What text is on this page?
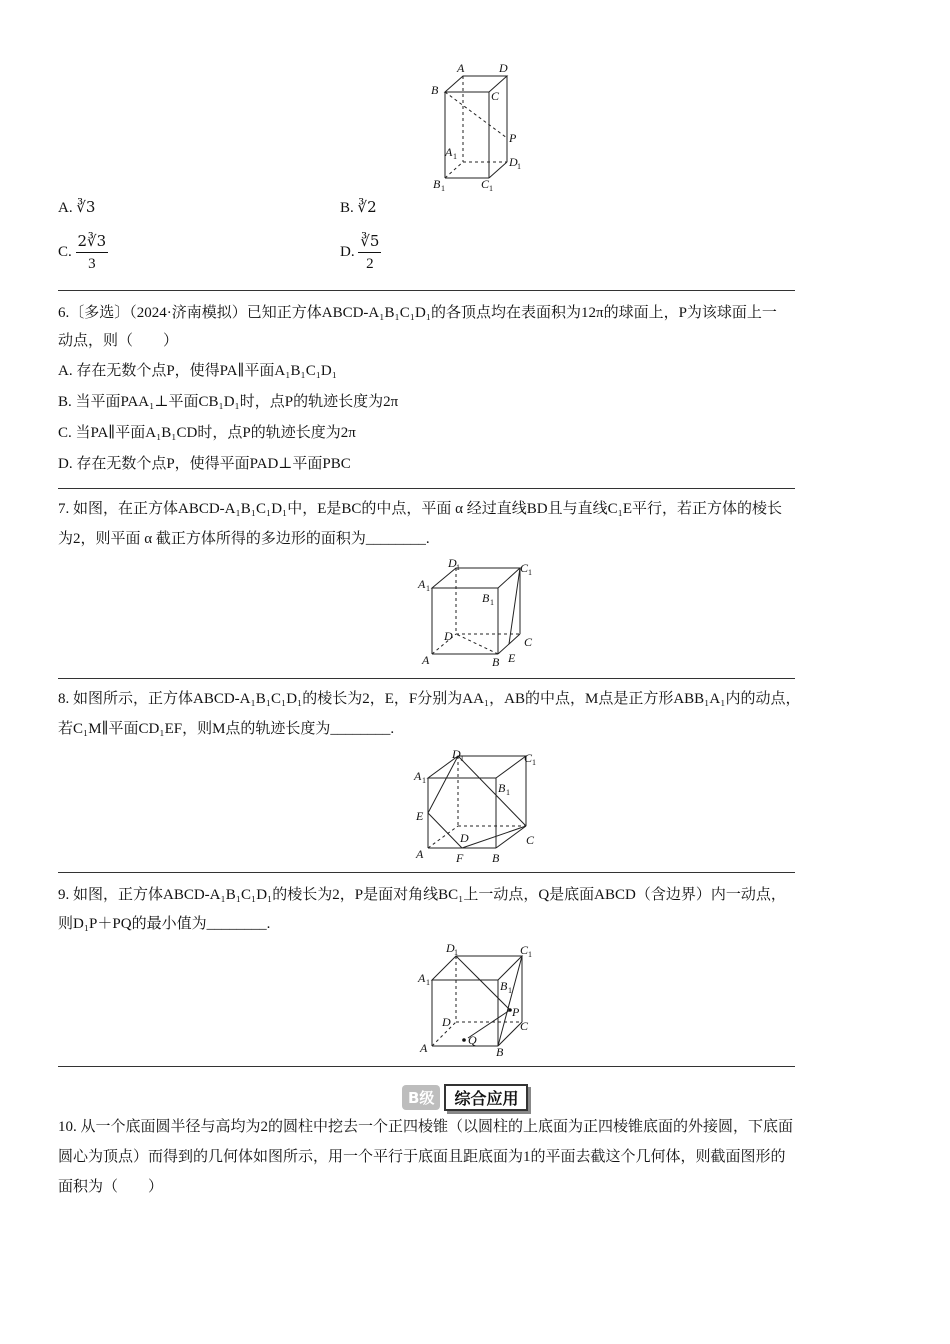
A	D
B	C
P
A 1	D 1
B 1	C 1
A. ∛3	B. ∛2
C. $\frac{2∛3}{3}$	D. $\frac{∛5}{2}$
6.〔多选〕（2024·济南模拟）已知正方体ABCD-A₁B₁C₁D₁的各顶点均在表面积为12π的球面上，P为该球面上一
动点，则（　　）
A. 存在无数个点P，使得PA∥平面A₁B₁C₁D₁
B. 当平面PAA₁⊥平面CB₁D₁时，点P的轨迹长度为2π
C. 当PA∥平面A₁B₁CD时，点P的轨迹长度为2π
D. 存在无数个点P，使得平面PAD⊥平面PBC
7. 如图，在正方体ABCD-A₁B₁C₁D₁中，E是BC的中点，平面 α 经过直线BD且与直线C₁E平行，若正方体的棱长
为2，则平面 α 截正方体所得的多边形的面积为________.
A 1
D 1	C 1
B 1
D	C
A	B E
8. 如图所示，正方体ABCD-A₁B₁C₁D₁的棱长为2，E，F分别为AA₁，AB的中点，M点是正方形ABB₁A₁内的动点，
若C₁M∥平面CD₁EF，则M点的轨迹长度为________.
A 1
D 1	C 1
B 1
E
D	C
A	F B
9. 如图，正方体ABCD-A₁B₁C₁D₁的棱长为2，P是面对角线BC₁上一动点，Q是底面ABCD（含边界）内一动点，
则D₁P＋PQ的最小值为________.
A 1
D 1	C 1
B 1
P
C
D
Q
A	B
B级	综合应用
10. 从一个底面圆半径与高均为2的圆柱中挖去一个正四棱锥（以圆柱的上底面为正四棱锥底面的外接圆，下底面
圆心为顶点）而得到的几何体如图所示，用一个平行于底面且距底面为1的平面去截这个几何体，则截面图形的
面积为（　　）
